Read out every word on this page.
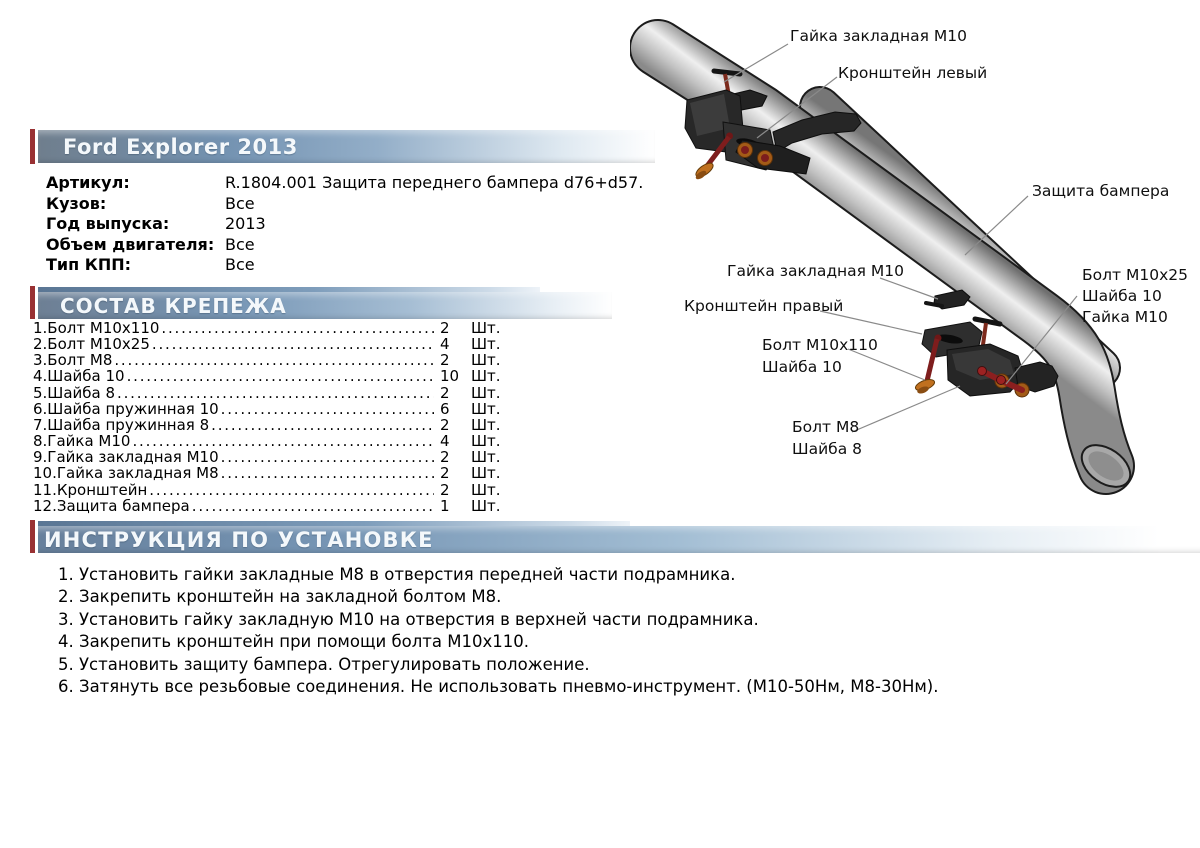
Гайка закладная М10
Кронштейн левый
Защита бампера
Гайка закладная М10
Кронштейн правый
Болт М10х25
Шайба 10
Гайка М10
Болт М10х110
Шайба 10
Болт М8
Шайба 8
Ford Explorer 2013
Артикул:	R.1804.001 Защита переднего бампера d76+d57.
Кузов:	Все
Год выпуска:	2013
Объем двигателя: Все
Тип КПП:	Все
СОСТАВ КРЕПЕЖА
1.Болт М10х110 .....	2	Шт.
2.Болт М10х25 .....	4	Шт.
3.Болт М8 .....	2	Шт.
4.Шайба 10 .....	10 Шт.
5.Шайба 8 .....	2	Шт.
6.Шайба пружинная 10 .....	6	Шт.
7.Шайба пружинная 8 .....	2	Шт.
8.Гайка М10 .....	4	Шт.
9.Гайка закладная М10 .....	2	Шт.
10.Гайка закладная М8 .....	2	Шт.
11.Кронштейн .....	2	Шт.
12.Защита бампера .....	1	Шт.
ИНСТРУКЦИЯ ПО УСТАНОВКЕ
1. Установить гайки закладные М8 в отверстия передней части подрамника.
2. Закрепить кронштейн на закладной болтом М8.
3. Установить гайку закладную М10 на отверстия в верхней части подрамника.
4. Закрепить кронштейн при помощи болта М10х110.
5. Установить защиту бампера. Отрегулировать положение.
6. Затянуть все резьбовые соединения. Не использовать пневмо-инструмент. (М10-50Нм, М8-30Нм).
